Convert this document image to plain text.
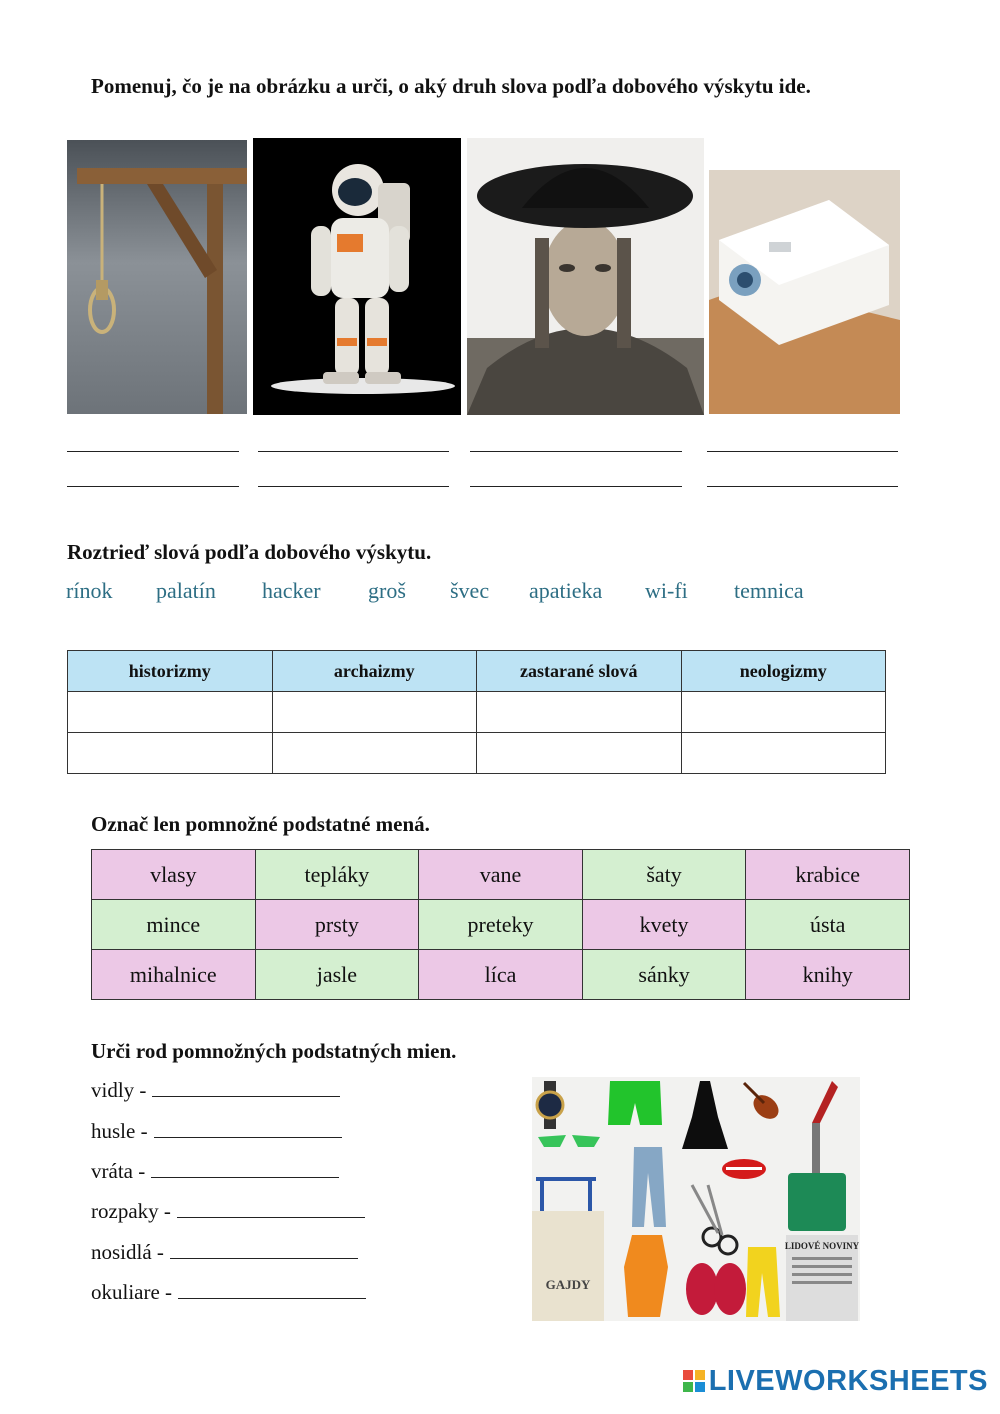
Pomenuj, čo je na obrázku a urči, o aký druh slova podľa dobového výskytu ide.
Roztrieď slová podľa dobového výskytu.
rínok palatín hacker groš švec apatieka wi-fi temnica
historizmy	archaizmy	zastarané slová	neologizmy

Označ len pomnožné podstatné mená.
vlasy	tepláky	vane	šaty	krabice
mince	prsty	preteky	kvety	ústa
mihalnice	jasle	líca	sánky	knihy
Urči rod pomnožných podstatných mien.
vidly -
husle -
vráta -
rozpaky -
nosidlá -
okuliare -	GAJDY
LIDOVÉ NOVINY
LIVEWORKSHEETS
